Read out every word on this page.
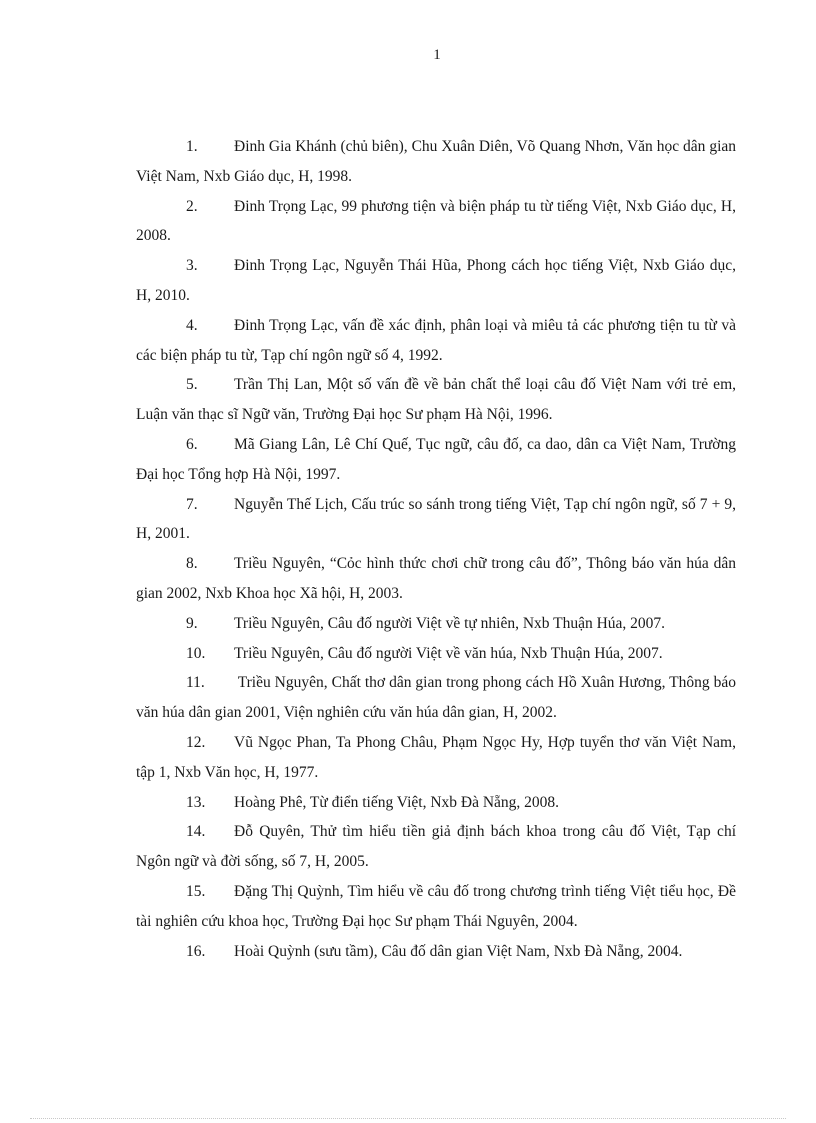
1
1. Đinh Gia Khánh (chủ biên), Chu Xuân Diên, Võ Quang Nhơn, Văn học dân gian Việt Nam, Nxb Giáo dục, H, 1998.
2. Đinh Trọng Lạc, 99 phương tiện và biện pháp tu từ tiếng Việt, Nxb Giáo dục, H, 2008.
3. Đinh Trọng Lạc, Nguyễn Thái Hũa, Phong cách học tiếng Việt, Nxb Giáo dục, H, 2010.
4. Đinh Trọng Lạc, vấn đề xác định, phân loại và miêu tả các phương tiện tu từ và các biện pháp tu từ, Tạp chí ngôn ngữ số 4, 1992.
5. Trần Thị Lan, Một số vấn đề về bản chất thể loại câu đố Việt Nam với trẻ em, Luận văn thạc sĩ Ngữ văn, Trường Đại học Sư phạm Hà Nội, 1996.
6. Mã Giang Lân, Lê Chí Quế, Tục ngữ, câu đố, ca dao, dân ca Việt Nam, Trường Đại học Tổng hợp Hà Nội, 1997.
7. Nguyễn Thế Lịch, Cấu trúc so sánh trong tiếng Việt, Tạp chí ngôn ngữ, số 7 + 9, H, 2001.
8. Triều Nguyên, “Cỏc hình thức chơi chữ trong câu đố”, Thông báo văn húa dân gian 2002, Nxb Khoa học Xã hội, H, 2003.
9. Triều Nguyên, Câu đố người Việt về tự nhiên, Nxb Thuận Húa, 2007.
10. Triều Nguyên, Câu đố người Việt về văn húa, Nxb Thuận Húa, 2007.
11. Triều Nguyên, Chất thơ dân gian trong phong cách Hồ Xuân Hương, Thông báo văn húa dân gian 2001, Viện nghiên cứu văn húa dân gian, H, 2002.
12. Vũ Ngọc Phan, Ta Phong Châu, Phạm Ngọc Hy, Hợp tuyển thơ văn Việt Nam, tập 1, Nxb Văn học, H, 1977.
13. Hoàng Phê, Từ điển tiếng Việt, Nxb Đà Nẵng, 2008.
14. Đỗ Quyên, Thử tìm hiểu tiền giả định bách khoa trong câu đố Việt, Tạp chí Ngôn ngữ và đời sống, số 7, H, 2005.
15. Đặng Thị Quỳnh, Tìm hiểu về câu đố trong chương trình tiếng Việt tiểu học, Đề tài nghiên cứu khoa học, Trường Đại học Sư phạm Thái Nguyên, 2004.
16. Hoài Quỳnh (sưu tầm), Câu đố dân gian Việt Nam, Nxb Đà Nẵng, 2004.
